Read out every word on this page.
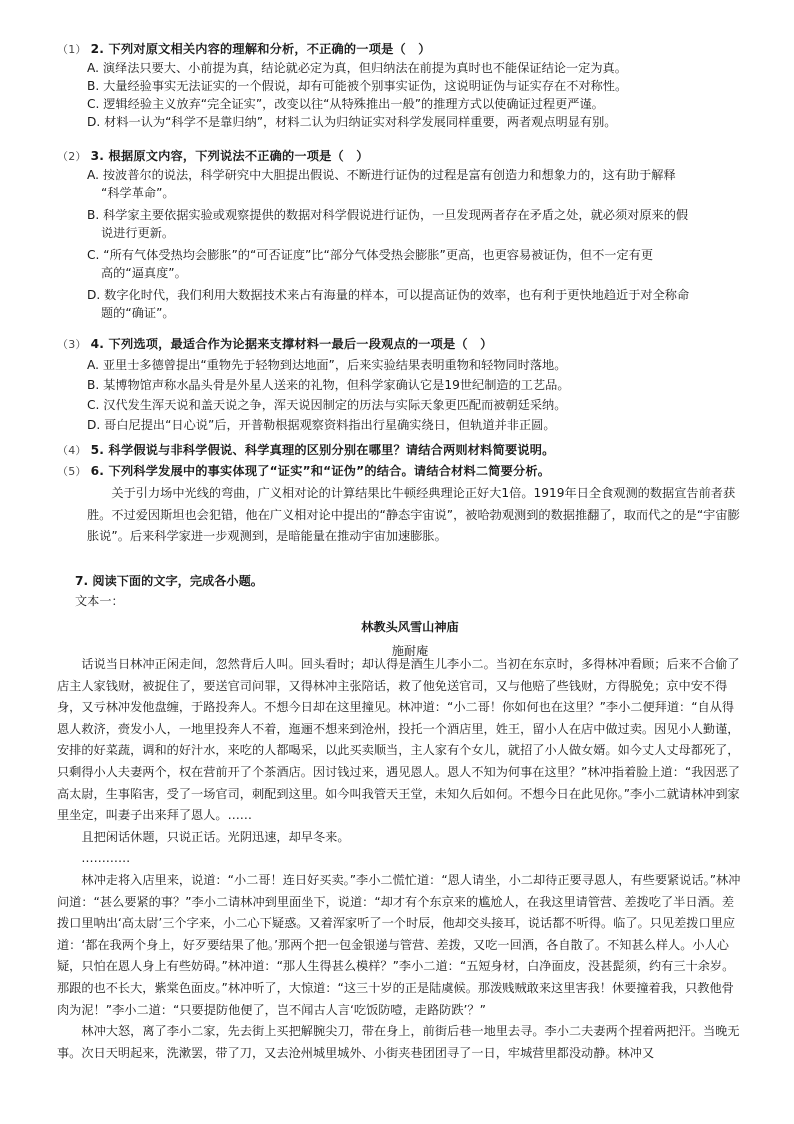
（1） 2. 下列对原文相关内容的理解和分析，不正确的一项是（　）
A. 演绎法只要大、小前提为真，结论就必定为真，但归纳法在前提为真时也不能保证结论一定为真。
B. 大量经验事实无法证实的一个假说，却有可能被个别事实证伪，这说明证伪与证实存在不对称性。
C. 逻辑经验主义放弃“完全证实”，改变以往“从特殊推出一般”的推理方式以使确证过程更严谨。
D. 材料一认为“科学不是靠归纳”，材料二认为归纳证实对科学发展同样重要，两者观点明显有别。
（2） 3. 根据原文内容，下列说法不正确的一项是（　）
A. 按波普尔的说法，科学研究中大胆提出假说、不断进行证伪的过程是富有创造力和想象力的，这有助于解释
“科学革命”。
B. 科学家主要依据实验或观察提供的数据对科学假说进行证伪，一旦发现两者存在矛盾之处，就必须对原来的假
说进行更新。
C. “所有气体受热均会膨胀”的“可否证度”比“部分气体受热会膨胀”更高，也更容易被证伪，但不一定有更
高的“逼真度”。
D. 数字化时代，我们利用大数据技术来占有海量的样本，可以提高证伪的效率，也有利于更快地趋近于对全称命
题的“确证”。
（3） 4. 下列选项，最适合作为论据来支撑材料一最后一段观点的一项是（　）
A. 亚里士多德曾提出“重物先于轻物到达地面”，后来实验结果表明重物和轻物同时落地。
B. 某博物馆声称水晶头骨是外星人送来的礼物，但科学家确认它是19世纪制造的工艺品。
C. 汉代发生浑天说和盖天说之争，浑天说因制定的历法与实际天象更匹配而被朝廷采纳。
D. 哥白尼提出“日心说”后，开普勒根据观察资料指出行星确实绕日，但轨道并非正圆。
（4） 5. 科学假说与非科学假说、科学真理的区别分别在哪里？请结合两则材料简要说明。
（5） 6. 下列科学发展中的事实体现了“证实”和“证伪”的结合。请结合材料二简要分析。
关于引力场中光线的弯曲，广义相对论的计算结果比牛顿经典理论正好大1倍。1919年日全食观测的数据宣告前者获胜。不过爱因斯坦也会犯错，他在广义相对论中提出的“静态宇宙说”，被哈勃观测到的数据推翻了，取而代之的是“宇宙膨胀说”。后来科学家进一步观测到，是暗能量在推动宇宙加速膨胀。
7. 阅读下面的文字，完成各小题。
文本一：
林教头风雪山神庙
施耐庵

话说当日林冲正闲走间，忽然背后人叫。回头看时；却认得是酒生儿李小二。当初在东京时，多得林冲看顾；后来不合偷了店主人家钱财，被捉住了，要送官司问罪，又得林冲主张陪话，救了他免送官司，又与他赔了些钱财，方得脱免；京中安不得身，又亏林冲发他盘缠，于路投奔人。不想今日却在这里撞见。林冲道：“小二哥！你如何也在这里？”李小二便拜道：“自从得恩人救济，赍发小人，一地里投奔人不着，迤逦不想来到沧州，投托一个酒店里，姓王，留小人在店中做过卖。因见小人勤谨，安排的好菜蔬，调和的好汁水，来吃的人都喝采，以此买卖顺当，主人家有个女儿，就招了小人做女婿。如今丈人丈母都死了，只剩得小人夫妻两个，权在营前开了个茶酒店。因讨钱过来，遇见恩人。恩人不知为何事在这里？”林冲指着脸上道：“我因恶了高太尉，生事陷害，受了一场官司，刺配到这里。如今叫我管天王堂，未知久后如何。不想今日在此见你。”李小二就请林冲到家里坐定，叫妻子出来拜了恩人。……

且把闲话休题，只说正话。光阴迅速，却早冬来。

…………

林冲走将入店里来，说道：“小二哥！连日好买卖。”李小二慌忙道：“恩人请坐，小二却待正要寻恩人，有些要紧说话。”林冲问道：“甚么要紧的事？”李小二请林冲到里面坐下，说道：“却才有个东京来的尴尬人，在我这里请管营、差拨吃了半日酒。差拨口里呐出‘高太尉’三个字来，小二心下疑惑。又着浑家听了一个时辰，他却交头接耳，说话都不听得。临了。只见差拨口里应道：‘都在我两个身上，好歹要结果了他。’那两个把一包金银递与管营、差拨，又吃一回酒，各自散了。不知甚么样人。小人心疑，只怕在恩人身上有些妨碍。”林冲道：“那人生得甚么模样？”李小二道：“五短身材，白净面皮，没甚髭须，约有三十余岁。那跟的也不长大，紫棠色面皮。”林冲听了，大惊道：“这三十岁的正是陆虞候。那泼贱贼敢来这里害我！休要撞着我，只教他骨肉为泥！”李小二道：“只要提防他便了，岂不闻古人言‘吃饭防噎，走路防跌’？”

林冲大怒，离了李小二家，先去街上买把解腕尖刀，带在身上，前街后巷一地里去寻。李小二夫妻两个捏着两把汗。当晚无事。次日天明起来，洗漱罢，带了刀，又去沧州城里城外、小街夹巷团团寻了一日，牢城营里都没动静。林冲又
